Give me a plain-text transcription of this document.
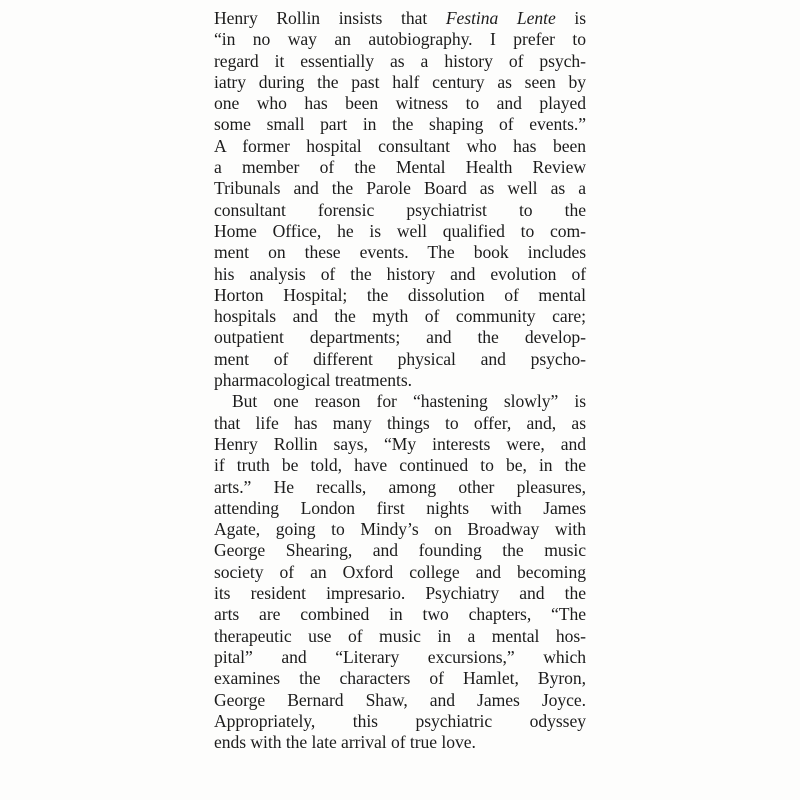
Henry Rollin insists that Festina Lente is
“in no way an autobiography. I prefer to
regard it essentially as a history of psych-
iatry during the past half century as seen by
one who has been witness to and played
some small part in the shaping of events.”
A former hospital consultant who has been
a member of the Mental Health Review
Tribunals and the Parole Board as well as a
consultant forensic psychiatrist to the
Home Office, he is well qualified to com-
ment on these events. The book includes
his analysis of the history and evolution of
Horton Hospital; the dissolution of mental
hospitals and the myth of community care;
outpatient departments; and the develop-
ment of different physical and psycho-
pharmacological treatments.
But one reason for “hastening slowly” is
that life has many things to offer, and, as
Henry Rollin says, “My interests were, and
if truth be told, have continued to be, in the
arts.” He recalls, among other pleasures,
attending London first nights with James
Agate, going to Mindy’s on Broadway with
George Shearing, and founding the music
society of an Oxford college and becoming
its resident impresario. Psychiatry and the
arts are combined in two chapters, “The
therapeutic use of music in a mental hos-
pital” and “Literary excursions,” which
examines the characters of Hamlet, Byron,
George Bernard Shaw, and James Joyce.
Appropriately, this psychiatric odyssey
ends with the late arrival of true love.
